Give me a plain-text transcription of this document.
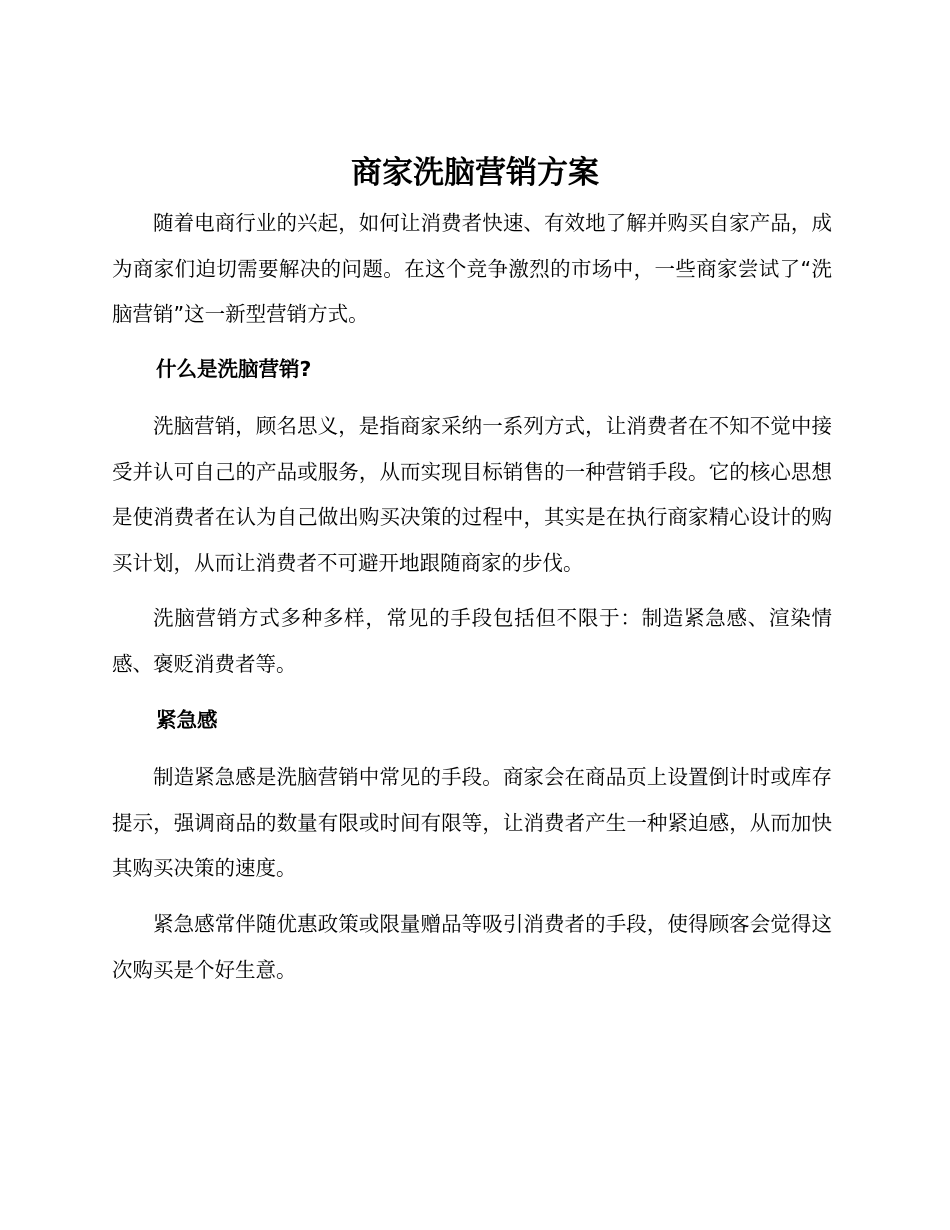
商家洗脑营销方案

随着电商行业的兴起，如何让消费者快速、有效地了解并购买自家产品，成为商家们迫切需要解决的问题。在这个竞争激烈的市场中，一些商家尝试了“洗脑营销”这一新型营销方式。

什么是洗脑营销?

洗脑营销，顾名思义，是指商家采纳一系列方式，让消费者在不知不觉中接受并认可自己的产品或服务，从而实现目标销售的一种营销手段。它的核心思想是使消费者在认为自己做出购买决策的过程中，其实是在执行商家精心设计的购买计划，从而让消费者不可避开地跟随商家的步伐。

洗脑营销方式多种多样，常见的手段包括但不限于：制造紧急感、渲染情感、褒贬消费者等。

紧急感

制造紧急感是洗脑营销中常见的手段。商家会在商品页上设置倒计时或库存提示，强调商品的数量有限或时间有限等，让消费者产生一种紧迫感，从而加快其购买决策的速度。

紧急感常伴随优惠政策或限量赠品等吸引消费者的手段，使得顾客会觉得这次购买是个好生意。
